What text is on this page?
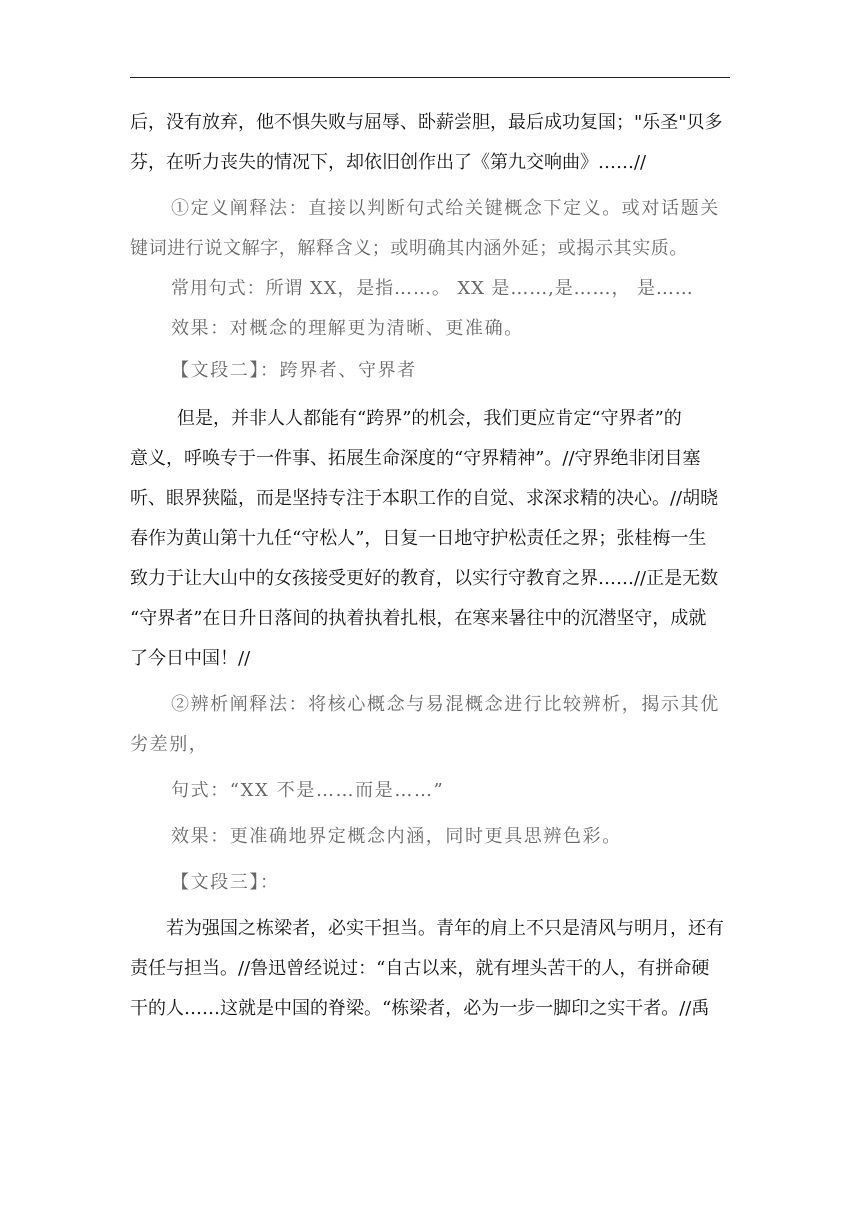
后，没有放弃，他不惧失败与屈辱、卧薪尝胆，最后成功复国；"乐圣"贝多
芬，在听力丧失的情况下，却依旧创作出了《第九交响曲》……//

①定义阐释法：直接以判断句式给关键概念下定义。或对话题关
键词进行说文解字，解释含义；或明确其内涵外延；或揭示其实质。

常用句式：所谓 XX，是指……。 XX 是……,是……， 是……

效果：对概念的理解更为清晰、更准确。

【文段二】：跨界者、守界者

但是，并非人人都能有“跨界”的机会，我们更应肯定“守界者”的
意义，呼唤专于一件事、拓展生命深度的“守界精神”。//守界绝非闭目塞
听、眼界狭隘，而是坚持专注于本职工作的自觉、求深求精的决心。//胡晓
春作为黄山第十九任“守松人”，日复一日地守护松责任之界；张桂梅一生
致力于让大山中的女孩接受更好的教育，以实行守教育之界……//正是无数
“守界者”在日升日落间的执着执着扎根，在寒来暑往中的沉潜坚守，成就
了今日中国！//

②辨析阐释法：将核心概念与易混概念进行比较辨析，揭示其优
劣差别，

句式：“XX 不是……而是……”

效果：更准确地界定概念内涵，同时更具思辨色彩。

【文段三】：

若为强国之栋梁者，必实干担当。青年的肩上不只是清风与明月，还有
责任与担当。//鲁迅曾经说过：“自古以来，就有埋头苦干的人，有拼命硬
干的人……这就是中国的脊梁。“栋梁者，必为一步一脚印之实干者。//禹
